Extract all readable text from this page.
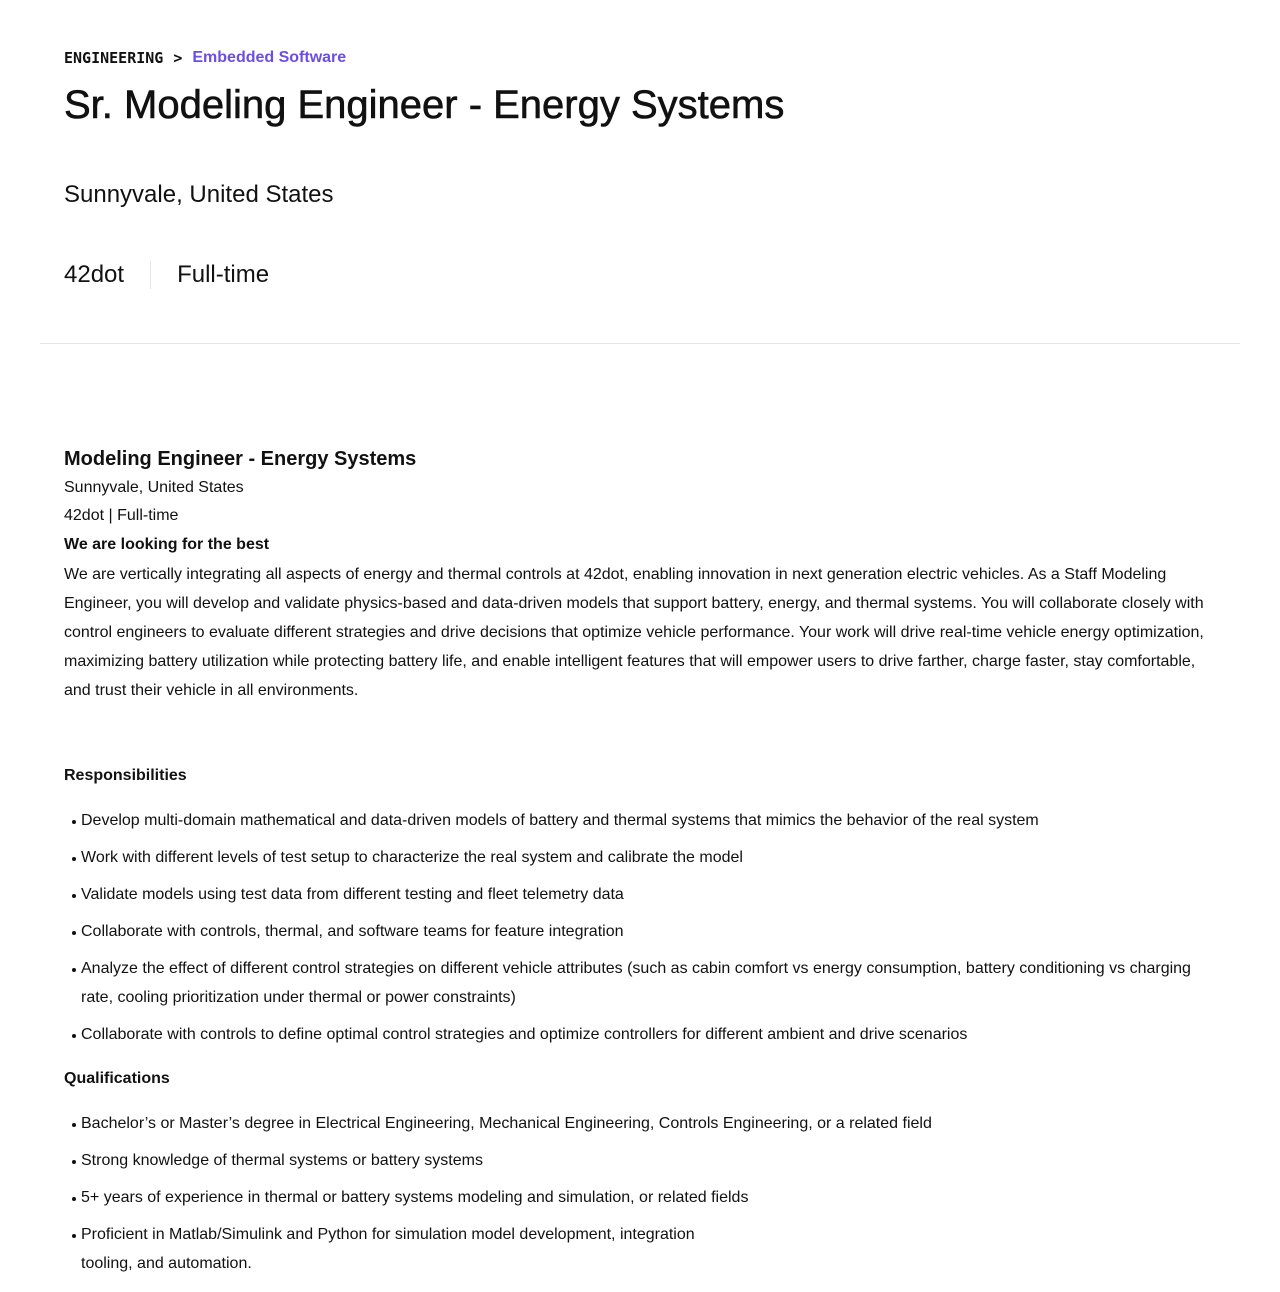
ENGINEERING > Embedded Software
Sr. Modeling Engineer - Energy Systems
Sunnyvale, United States
42dot	Full-time
Modeling Engineer - Energy Systems

Sunnyvale, United States

42dot | Full-time

We are looking for the best

We are vertically integrating all aspects of energy and thermal controls at 42dot, enabling innovation in next generation electric vehicles. As a Staff Modeling Engineer, you will develop and validate physics-based and data-driven models that support battery, energy, and thermal systems. You will collaborate closely with control engineers to evaluate different strategies and drive decisions that optimize vehicle performance. Your work will drive real-time vehicle energy optimization, maximizing battery utilization while protecting battery life, and enable intelligent features that will empower users to drive farther, charge faster, stay comfortable, and trust their vehicle in all environments.

Responsibilities
Develop multi-domain mathematical and data-driven models of battery and thermal systems that mimics the behavior of the real system
Work with different levels of test setup to characterize the real system and calibrate the model
Validate models using test data from different testing and fleet telemetry data
Collaborate with controls, thermal, and software teams for feature integration
Analyze the effect of different control strategies on different vehicle attributes (such as cabin comfort vs energy consumption, battery conditioning vs charging rate, cooling prioritization under thermal or power constraints)
Collaborate with controls to define optimal control strategies and optimize controllers for different ambient and drive scenarios
Qualifications
Bachelor’s or Master’s degree in Electrical Engineering, Mechanical Engineering, Controls Engineering, or a related field
Strong knowledge of thermal systems or battery systems
5+ years of experience in thermal or battery systems modeling and simulation, or related fields
Proficient in Matlab/Simulink and Python for simulation model development, integration tooling, and automation.
